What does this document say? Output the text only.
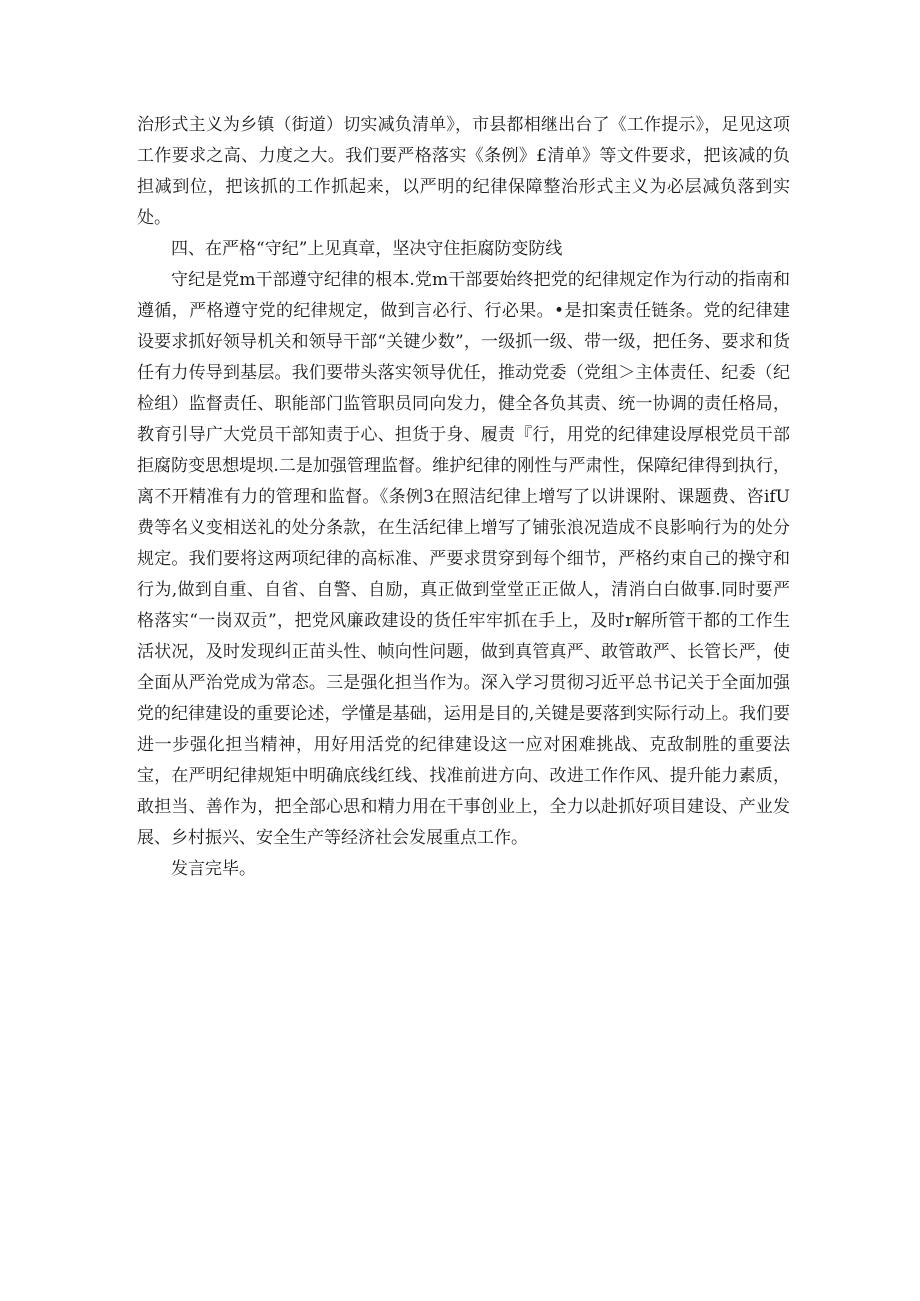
治形式主义为乡镇（街道）切实减负清单》，市县都相继出台了《工作提示》，足见这项工作要求之高、力度之大。我们要严格落实《条例》£清单》等文件要求，把该减的负担减到位，把该抓的工作抓起来，以严明的纪律保障整治形式主义为必层减负落到实处。

四、在严格“守纪”上见真章，坚决守住拒腐防变防线

守纪是党m干部遵守纪律的根本.党m干部要始终把党的纪律规定作为行动的指南和遵循，严格遵守党的纪律规定，做到言必行、行必果。•是扣案责任链条。党的纪律建设要求抓好领导机关和领导干部“关键少数”，一级抓一级、带一级，把任务、要求和货任有力传导到基层。我们要带头落实领导优任，推动党委（党组＞主体责任、纪委（纪检组）监督责任、职能部门监管职员同向发力，健全各负其责、统一协调的责任格局，教育引导广大党员干部知责于心、担货于身、履责『行，用党的纪律建设厚根党员干部拒腐防变思想堤坝.二是加强管理监督。维护纪律的刚性与严肃性，保障纪律得到执行，离不开精准有力的管理和监督。《条例3在照洁纪律上增写了以讲课附、课题费、咨ifU费等名义变相送礼的处分条款，在生活纪律上增写了铺张浪况造成不良影响行为的处分规定。我们要将这两项纪律的高标准、严要求贯穿到每个细节，严格约束自己的操守和行为,做到自重、自省、自警、自励，真正做到堂堂正正做人，清消白白做事.同时要严格落实“一岗双贡”，把党风廉政建设的货任牢牢抓在手上，及时r解所管干都的工作生活状况，及时发现纠正苗头性、帧向性问题，做到真管真严、敢管敢严、长管长严，使全面从严治党成为常态。三是强化担当作为。深入学习贯彻习近平总书记关于全面加强党的纪律建设的重要论述，学懂是基础，运用是目的,关键是要落到实际行动上。我们要进一步强化担当精神，用好用活党的纪律建设这一应对困难挑战、克敌制胜的重要法宝，在严明纪律规矩中明确底线红线、找准前进方向、改进工作作风、提升能力素质，敢担当、善作为，把全部心思和精力用在干事创业上，全力以赴抓好项目建设、产业发展、乡村振兴、安全生产等经济社会发展重点工作。

发言完毕。
